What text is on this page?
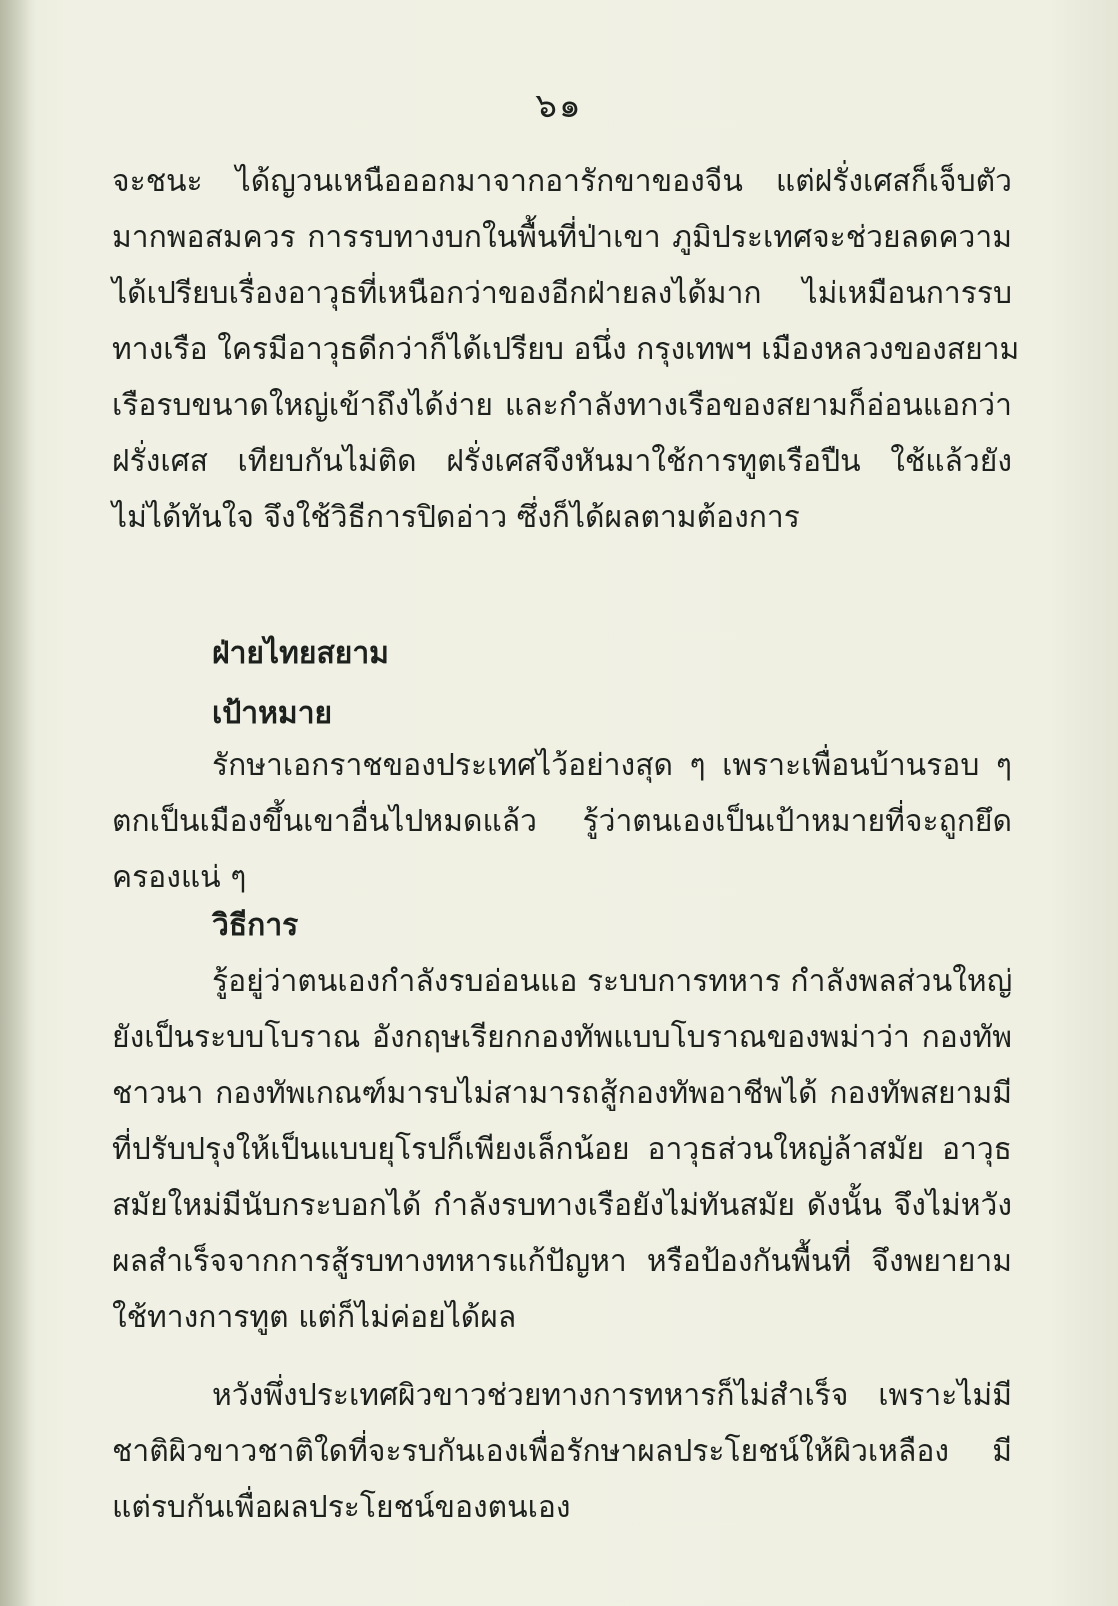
๖๑
จะชนะ ได้ญวนเหนือออกมาจากอารักขาของจีน แต่ฝรั่งเศสก็เจ็บตัว
มากพอสมควร การรบทางบกในพื้นที่ป่าเขา ภูมิประเทศจะช่วยลดความ
ได้เปรียบเรื่องอาวุธที่เหนือกว่าของอีกฝ่ายลงได้มาก ไม่เหมือนการรบ
ทางเรือ ใครมีอาวุธดีกว่าก็ได้เปรียบ อนึ่ง กรุงเทพฯ เมืองหลวงของสยาม
เรือรบขนาดใหญ่เข้าถึงได้ง่าย และกำลังทางเรือของสยามก็อ่อนแอกว่า
ฝรั่งเศส เทียบกันไม่ติด ฝรั่งเศสจึงหันมาใช้การทูตเรือปืน ใช้แล้วยัง
ไม่ได้ทันใจ จึงใช้วิธีการปิดอ่าว ซึ่งก็ได้ผลตามต้องการ
ฝ่ายไทยสยาม
เป้าหมาย
รักษาเอกราชของประเทศไว้อย่างสุด ๆ เพราะเพื่อนบ้านรอบ ๆ
ตกเป็นเมืองขึ้นเขาอื่นไปหมดแล้ว รู้ว่าตนเองเป็นเป้าหมายที่จะถูกยึด
ครองแน่ ๆ
วิธีการ
รู้อยู่ว่าตนเองกำลังรบอ่อนแอ ระบบการทหาร กำลังพลส่วนใหญ่
ยังเป็นระบบโบราณ อังกฤษเรียกกองทัพแบบโบราณของพม่าว่า กองทัพ
ชาวนา กองทัพเกณฑ์มารบไม่สามารถสู้กองทัพอาชีพได้ กองทัพสยามมี
ที่ปรับปรุงให้เป็นแบบยุโรปก็เพียงเล็กน้อย อาวุธส่วนใหญ่ล้าสมัย อาวุธ
สมัยใหม่มีนับกระบอกได้ กำลังรบทางเรือยังไม่ทันสมัย ดังนั้น จึงไม่หวัง
ผลสำเร็จจากการสู้รบทางทหารแก้ปัญหา หรือป้องกันพื้นที่ จึงพยายาม
ใช้ทางการทูต แต่ก็ไม่ค่อยได้ผล
หวังพึ่งประเทศผิวขาวช่วยทางการทหารก็ไม่สำเร็จ เพราะไม่มี
ชาติผิวขาวชาติใดที่จะรบกันเองเพื่อรักษาผลประโยชน์ให้ผิวเหลือง มี
แต่รบกันเพื่อผลประโยชน์ของตนเอง
